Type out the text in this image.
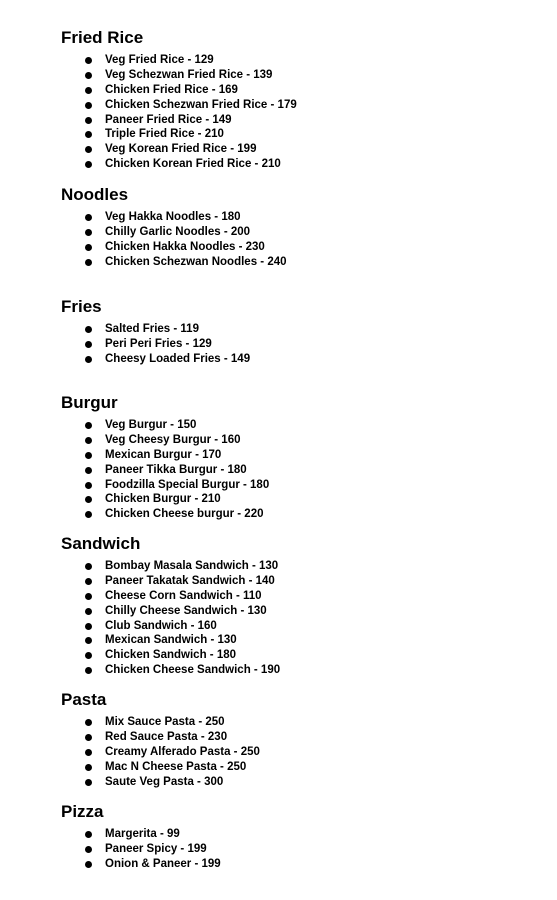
Fried Rice
Veg Fried Rice - 129
Veg Schezwan Fried Rice - 139
Chicken Fried Rice - 169
Chicken Schezwan Fried Rice - 179
Paneer Fried Rice - 149
Triple Fried Rice - 210
Veg Korean Fried Rice - 199
Chicken Korean Fried Rice - 210
Noodles
Veg Hakka Noodles - 180
Chilly Garlic Noodles - 200
Chicken Hakka Noodles - 230
Chicken Schezwan Noodles - 240
Fries
Salted Fries - 119
Peri Peri Fries - 129
Cheesy Loaded Fries - 149
Burgur
Veg Burgur - 150
Veg Cheesy Burgur - 160
Mexican Burgur - 170
Paneer Tikka Burgur - 180
Foodzilla Special Burgur - 180
Chicken Burgur - 210
Chicken Cheese burgur - 220
Sandwich
Bombay Masala Sandwich - 130
Paneer Takatak Sandwich - 140
Cheese Corn Sandwich - 110
Chilly Cheese Sandwich - 130
Club Sandwich - 160
Mexican Sandwich - 130
Chicken Sandwich - 180
Chicken Cheese Sandwich - 190
Pasta
Mix Sauce Pasta - 250
Red Sauce Pasta - 230
Creamy Alferado Pasta - 250
Mac N Cheese Pasta - 250
Saute Veg Pasta - 300
Pizza
Margerita - 99
Paneer Spicy - 199
Onion & Paneer - 199
